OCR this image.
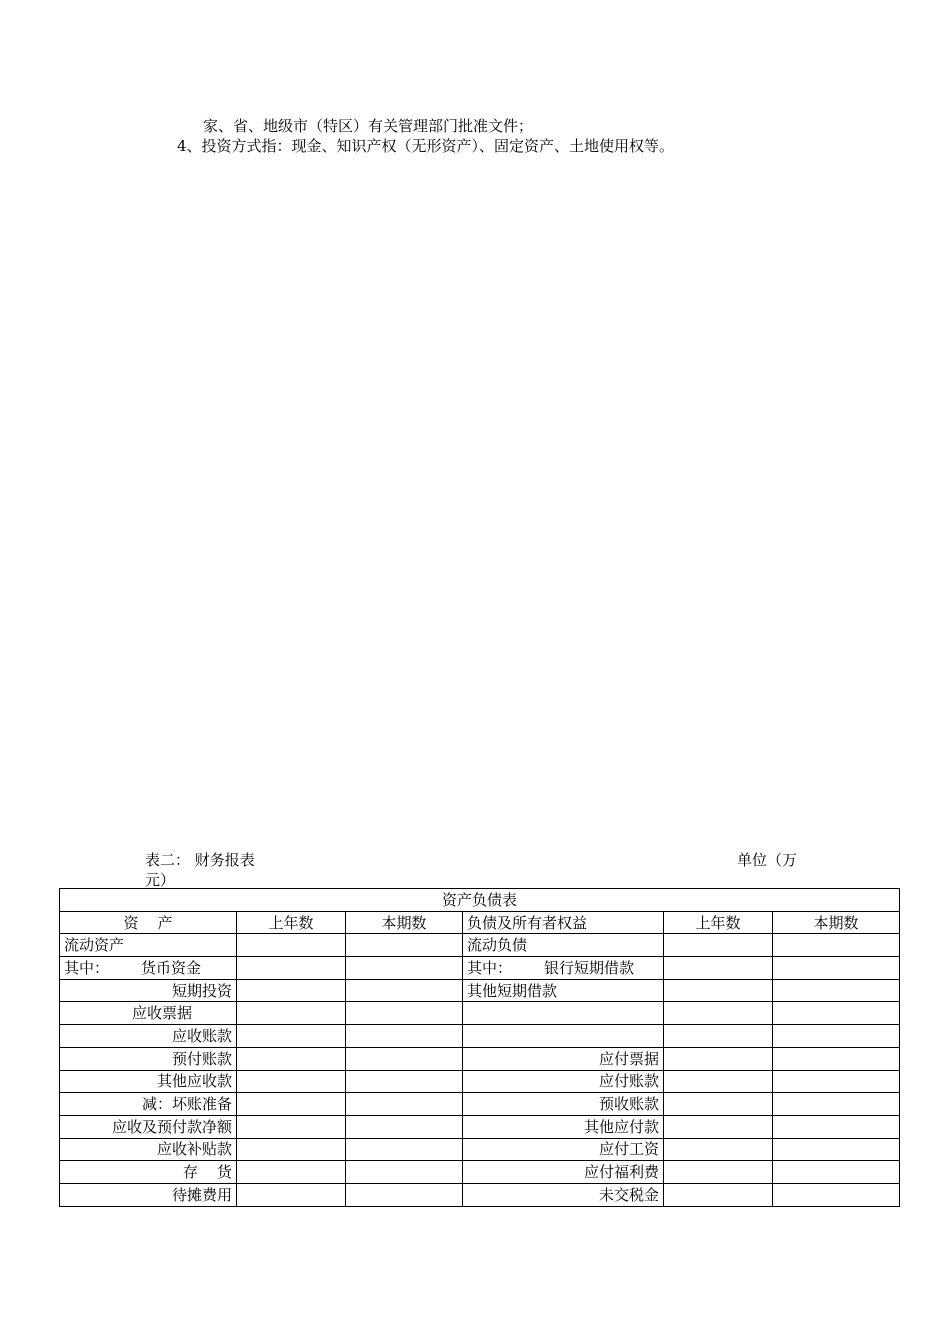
家、省、地级市（特区）有关管理部门批准文件；
4、投资方式指：现金、知识产权（无形资产）、固定资产、土地使用权等。
表二： 财务报表	单位（万
元）
资产负债表					
资    产	上年数	本期数	负债及所有者权益	上年数	本期数
流动资产			流动负债		
其中： 货币资金			其中： 银行短期借款		
短期投资			其他短期借款		
应收票据					
应收账款					
预付账款			应付票据		
其他应收款			应付账款		
减：坏账准备			预收账款		
应收及预付款净额			其他应付款		
应收补贴款			应付工资		
存    货			应付福利费		
待摊费用			未交税金		
